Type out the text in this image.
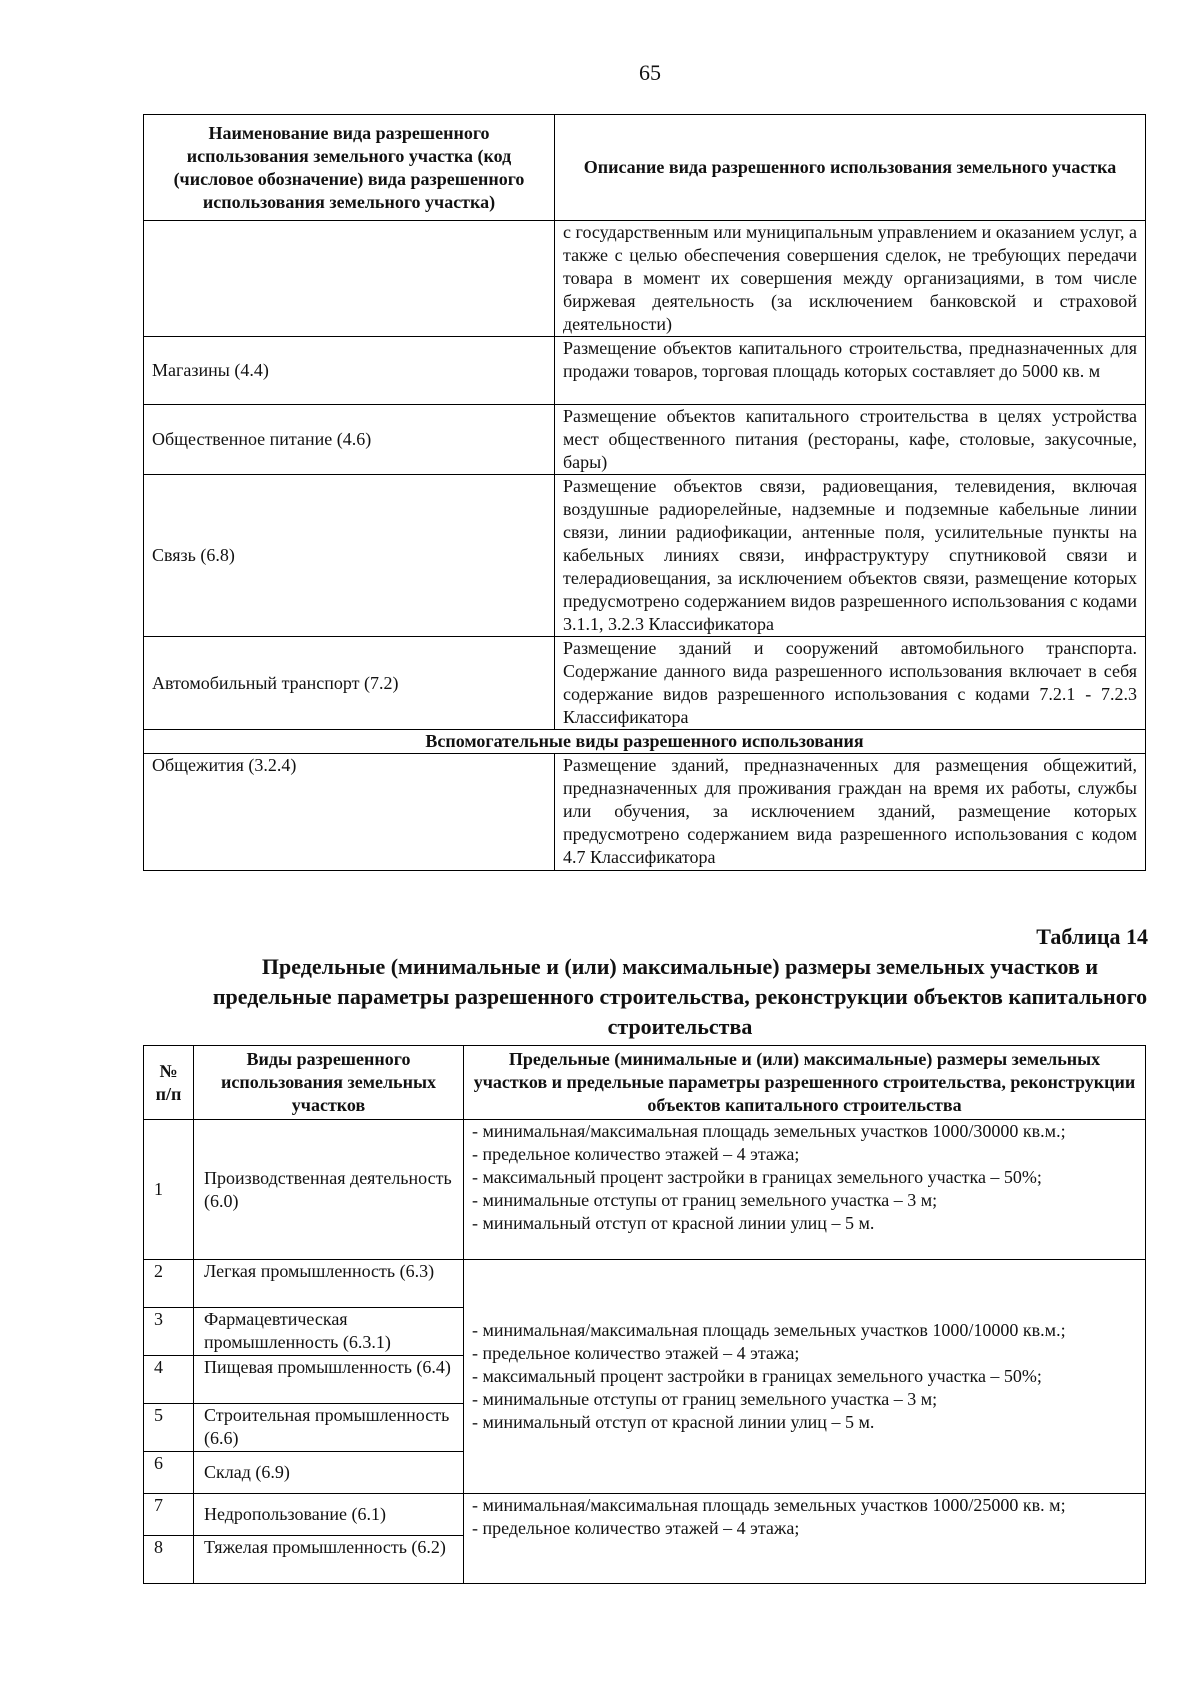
65
Наименование вида разрешенного использования земельного участка (код (числовое обозначение) вида разрешенного использования земельного участка)	Описание вида разрешенного использования земельного участка
	с государственным или муниципальным управлением и оказанием услуг, а также с целью обеспечения совершения сделок, не требующих передачи товара в момент их совершения между организациями, в том числе биржевая деятельность (за исключением банковской и страховой деятельности)
Магазины (4.4)	Размещение объектов капитального строительства, предназначенных для продажи товаров, торговая площадь которых составляет до 5000 кв. м
Общественное питание (4.6)	Размещение объектов капитального строительства в целях устройства мест общественного питания (рестораны, кафе, столовые, закусочные, бары)
Связь (6.8)	Размещение объектов связи, радиовещания, телевидения, включая воздушные радиорелейные, надземные и подземные кабельные линии связи, линии радиофикации, антенные поля, усилительные пункты на кабельных линиях связи, инфраструктуру спутниковой связи и телерадиовещания, за исключением объектов связи, размещение которых предусмотрено содержанием видов разрешенного использования с кодами 3.1.1, 3.2.3 Классификатора
Автомобильный транспорт (7.2)	Размещение зданий и сооружений автомобильного транспорта. Содержание данного вида разрешенного использования включает в себя содержание видов разрешенного использования с кодами 7.2.1 - 7.2.3 Классификатора
Вспомогательные виды разрешенного использования	
Общежития (3.2.4)	Размещение зданий, предназначенных для размещения общежитий, предназначенных для проживания граждан на время их работы, службы или обучения, за исключением зданий, размещение которых предусмотрено содержанием вида разрешенного использования с кодом 4.7 Классификатора
Таблица 14
Предельные (минимальные и (или) максимальные) размеры земельных участков и предельные параметры разрешенного строительства, реконструкции объектов капитального строительства
№ п/п	Виды разрешенного использования земельных участков	Предельные (минимальные и (или) максимальные) размеры земельных участков и предельные параметры разрешенного строительства, реконструкции объектов капитального строительства
1	Производственная деятельность (6.0)	- минимальная/максимальная площадь земельных участков 1000/30000 кв.м.;
- предельное количество этажей – 4 этажа;
- максимальный процент застройки в границах земельного участка – 50%;
- минимальные отступы от границ земельного участка – 3 м;
- минимальный отступ от красной линии улиц – 5 м.

2	Легкая промышленность (6.3)	- минимальная/максимальная площадь земельных участков 1000/10000 кв.м.;
- предельное количество этажей – 4 этажа;
- максимальный процент застройки в границах земельного участка – 50%;
- минимальные отступы от границ земельного участка – 3 м;
- минимальный отступ от красной линии улиц – 5 м.

3	Фармацевтическая промышленность (6.3.1)	
4	Пищевая промышленность (6.4)	
5	Строительная промышленность (6.6)	
6	Склад (6.9)	
7	Недропользование (6.1)	- минимальная/максимальная площадь земельных участков 1000/25000 кв. м;
- предельное количество этажей – 4 этажа;

8	Тяжелая промышленность (6.2)	
